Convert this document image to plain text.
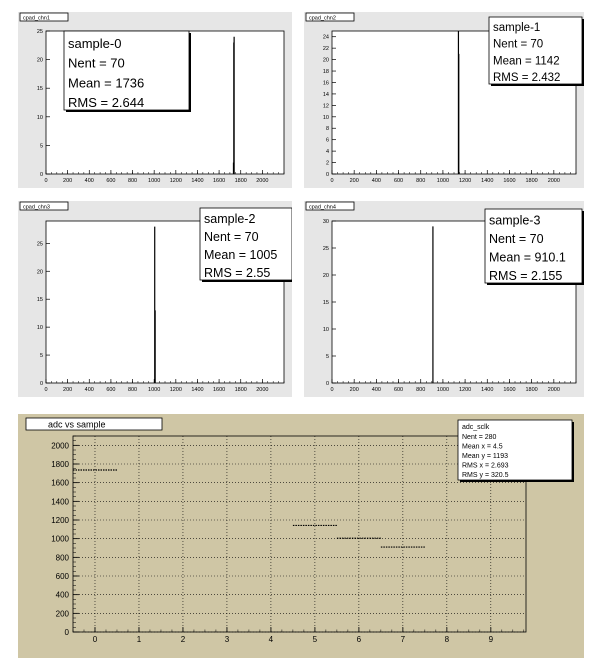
cpad_chn1
0	200 400 600 800 1000 1200 1400 1600 1800 2000
0
5
10
15
20
25
sample-0
Nent = 70
Mean = 1736
RMS = 2.644
cpad_chn2
0	200 400 600 800 1000 1200 1400 1600 1800 2000
0
2
4
6
8
10
12
14
16
18
20
22
24
sample-1
Nent = 70
Mean = 1142
RMS = 2.432
cpad_chn3
0	200 400 600 800 1000 1200 1400 1600 1800 2000
0
5
10
15
20
25
sample-2
Nent = 70
Mean = 1005
RMS = 2.55
cpad_chn4
0	200 400 600 800 1000 1200 1400 1600 1800 2000
0
5
10
15
20
25
30	sample-3
Nent = 70
Mean = 910.1
RMS = 2.155
adc vs sample
0	1	2	3	4	5	6	7	8	9
0
200
400
600
800
1000
1200
1400
1600
1800
2000
adc_sclk
Nent = 280
Mean x = 4.5
Mean y = 1193
RMS x = 2.693
RMS y = 320.5
